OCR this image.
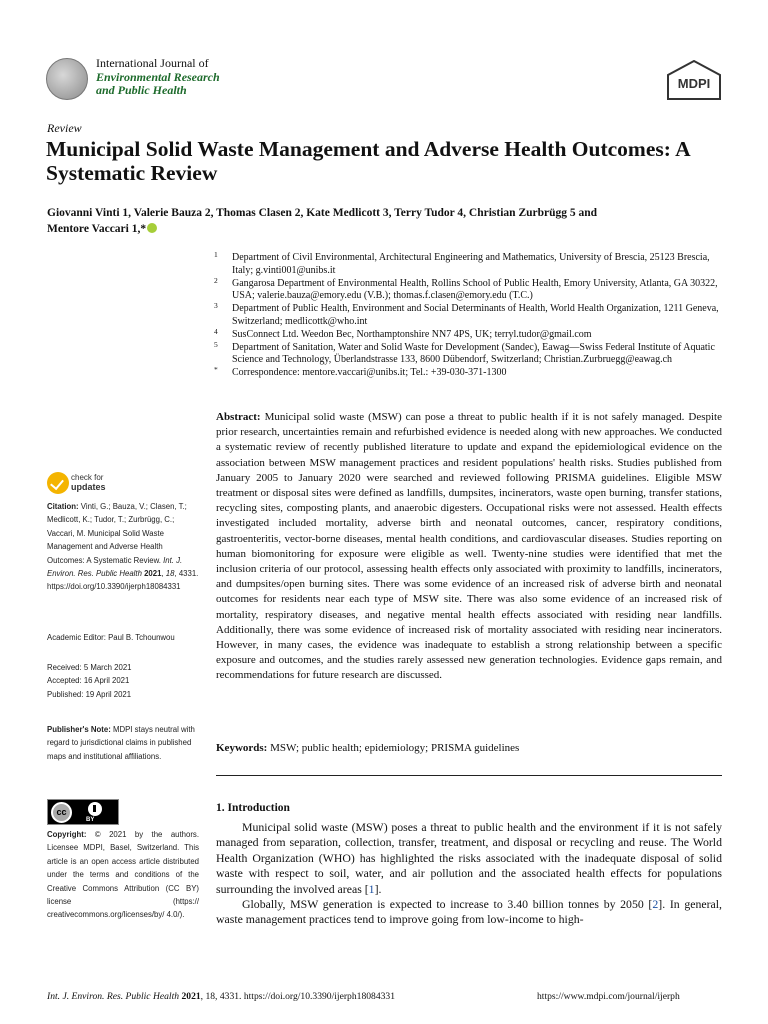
International Journal of
Environmental Research
and Public Health	MDPI
Review
Municipal Solid Waste Management and Adverse Health Outcomes: A Systematic Review
Giovanni Vinti 1, Valerie Bauza 2, Thomas Clasen 2, Kate Medlicott 3, Terry Tudor 4, Christian Zurbrügg 5 and
Mentore Vaccari 1,*
1 Department of Civil Environmental, Architectural Engineering and Mathematics, University of Brescia, 25123 Brescia, Italy; g.vinti001@unibs.it
2 Gangarosa Department of Environmental Health, Rollins School of Public Health, Emory University, Atlanta, GA 30322, USA; valerie.bauza@emory.edu (V.B.); thomas.f.clasen@emory.edu (T.C.)
3 Department of Public Health, Environment and Social Determinants of Health, World Health Organization, 1211 Geneva, Switzerland; medlicottk@who.int
4 SusConnect Ltd. Weedon Bec, Northamptonshire NN7 4PS, UK; terryl.tudor@gmail.com
5 Department of Sanitation, Water and Solid Waste for Development (Sandec), Eawag—Swiss Federal Institute of Aquatic Science and Technology, Überlandstrasse 133, 8600 Dübendorf, Switzerland; Christian.Zurbruegg@eawag.ch
* Correspondence: mentore.vaccari@unibs.it; Tel.: +39-030-371-1300
Abstract: Municipal solid waste (MSW) can pose a threat to public health if it is not safely managed. Despite prior research, uncertainties remain and refurbished evidence is needed along with new approaches. We conducted a systematic review of recently published literature to update and expand the epidemiological evidence on the association between MSW management practices and resident populations' health risks. Studies published from January 2005 to January 2020 were searched and reviewed following PRISMA guidelines. Eligible MSW treatment or disposal sites were defined as landfills, dumpsites, incinerators, waste open burning, transfer stations, recycling sites, composting plants, and anaerobic digesters. Occupational risks were not assessed. Health effects investigated included mortality, adverse birth and neonatal outcomes, cancer, respiratory conditions, gastroenteritis, vector-borne diseases, mental health conditions, and cardiovascular diseases. Studies reporting on human biomonitoring for exposure were eligible as well. Twenty-nine studies were identified that met the inclusion criteria of our protocol, assessing health effects only associated with proximity to landfills, incinerators, and dumpsites/open burning sites. There was some evidence of an increased risk of adverse birth and neonatal outcomes for residents near each type of MSW site. There was also some evidence of an increased risk of mortality, respiratory diseases, and negative mental health effects associated with residing near landfills. Additionally, there was some evidence of increased risk of mortality associated with residing near incinerators. However, in many cases, the evidence was inadequate to establish a strong relationship between a specific exposure and outcomes, and the studies rarely assessed new generation technologies. Evidence gaps remain, and recommendations for future research are discussed.
Keywords: MSW; public health; epidemiology; PRISMA guidelines
1. Introduction

Municipal solid waste (MSW) poses a threat to public health and the environment if it is not safely managed from separation, collection, transfer, treatment, and disposal or recycling and reuse. The World Health Organization (WHO) has highlighted the risks associated with the inadequate disposal of solid waste with respect to soil, water, and air pollution and the associated health effects for populations surrounding the involved areas [1].

Globally, MSW generation is expected to increase to 3.40 billion tonnes by 2050 [2]. In general, waste management practices tend to improve going from low-income to high-

check for
updates
Citation: Vinti, G.; Bauza, V.; Clasen, T.; Medlicott, K.; Tudor, T.; Zurbrügg, C.; Vaccari, M. Municipal Solid Waste Management and Adverse Health Outcomes: A Systematic Review. Int. J. Environ. Res. Public Health 2021, 18, 4331. https://doi.org/10.3390/ijerph18084331
Academic Editor: Paul B. Tchounwou
Received: 5 March 2021
Accepted: 16 April 2021
Published: 19 April 2021
Publisher's Note: MDPI stays neutral with regard to jurisdictional claims in published maps and institutional affiliations.
cc
BY
Copyright: © 2021 by the authors. Licensee MDPI, Basel, Switzerland. This article is an open access article distributed under the terms and conditions of the Creative Commons Attribution (CC BY) license (https:// creativecommons.org/licenses/by/ 4.0/).
Int. J. Environ. Res. Public Health 2021, 18, 4331. https://doi.org/10.3390/ijerph18084331	https://www.mdpi.com/journal/ijerph
